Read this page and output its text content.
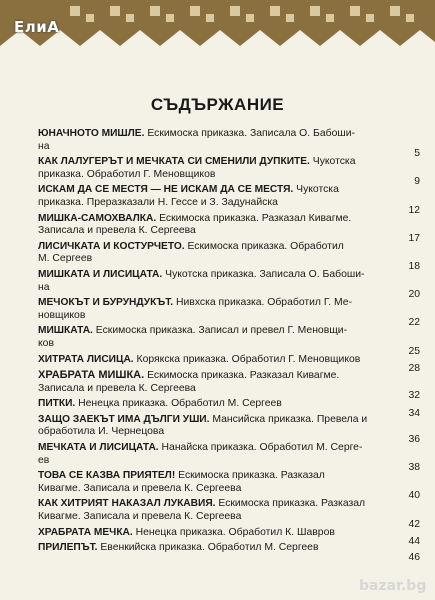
ЕлиА
СЪДЪРЖАНИЕ
ЮНАЧНОТО МИШЛЕ. Ескимоска приказка. Записала О. Бабоши-
на
5
КАК ЛАЛУГЕРЪТ И МЕЧКАТА СИ СМЕНИЛИ ДУПКИТЕ. Чукотска
приказка. Обработил Г. Меновщиков
9
ИСКАМ ДА СЕ МЕСТЯ — НЕ ИСКАМ ДА СЕ МЕСТЯ. Чукотска
приказка. Преразказали Н. Гессе и З. Задунайска
12
МИШКА-САМОХВАЛКА. Ескимоска приказка. Разказал Кивагме.
Записала и превела К. Сергеева
17
ЛИСИЧКАТА И КОСТУРЧЕТО. Ескимоска приказка. Обработил
М. Сергеев
18
МИШКАТА И ЛИСИЦАТА. Чукотска приказка. Записала О. Бабоши-
на
20
МЕЧОКЪТ И БУРУНДУКЪТ. Нивхска приказка. Обработил Г. Ме-
новщиков
22
МИШКАТА. Ескимоска приказка. Записал и превел Г. Меновщи-
ков
25
ХИТРАТА ЛИСИЦА. Корякска приказка. Обработил Г. Меновщиков
28
ХРАБРАТА МИШКА. Ескимоска приказка. Разказал Кивагме.
Записала и превела К. Сергеева
32
ПИТКИ. Ненецка приказка. Обработил М. Сергеев
34
ЗАЩО ЗАЕКЪТ ИМА ДЪЛГИ УШИ. Мансийска приказка. Превела и
обработила И. Чернецова
36
МЕЧКАТА И ЛИСИЦАТА. Нанайска приказка. Обработил М. Серге-
ев
38
ТОВА СЕ КАЗВА ПРИЯТЕЛ! Ескимоска приказка. Разказал
Кивагме. Записала и превела К. Сергеева
40
КАК ХИТРИЯТ НАКАЗАЛ ЛУКАВИЯ. Ескимоска приказка. Разказал
Кивагме. Записала и превела К. Сергеева
42
ХРАБРАТА МЕЧКА. Ненецка приказка. Обработил К. Шавров
44
ПРИЛЕПЪТ. Евенкийска приказка. Обработил М. Сергеев
46
bazar.bg
